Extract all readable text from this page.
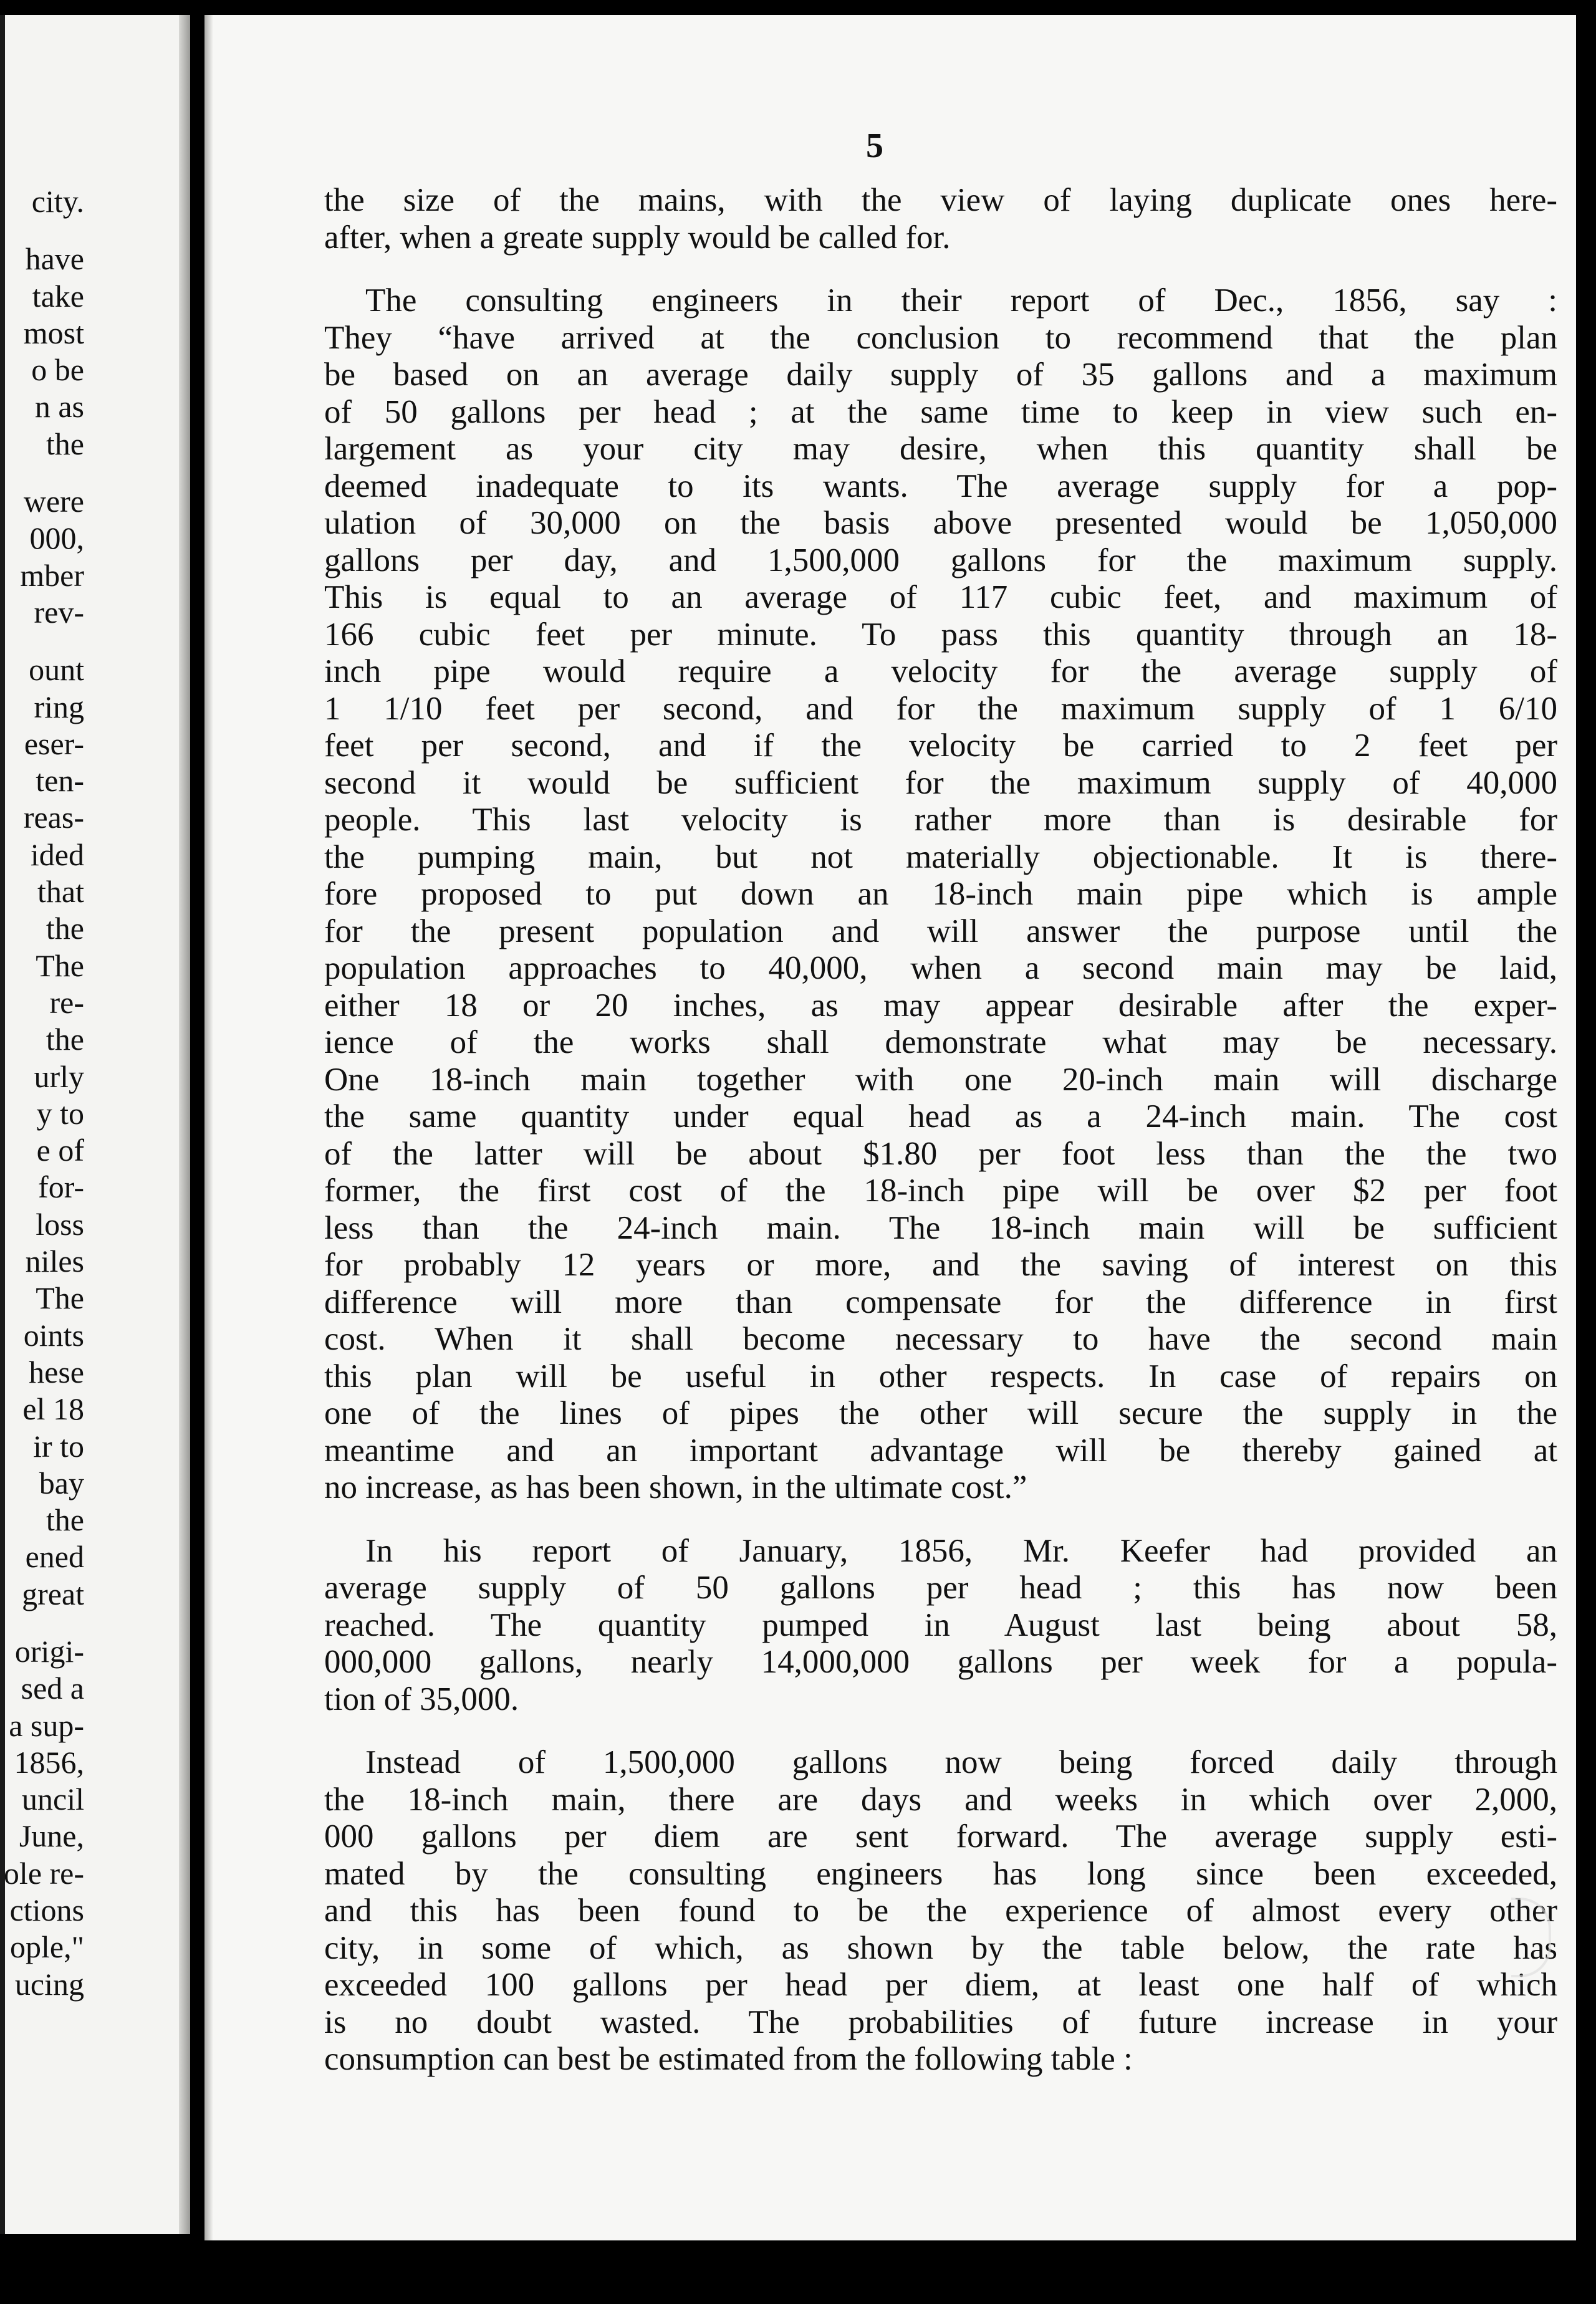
city.
have
take
most
o be
n as
the
were
000,
mber
rev-
ount
ring
eser-
ten-
reas-
ided
that
the
The
re-
the
urly
y to
e of
for-
loss
niles
The
oints
hese
el 18
ir to
bay
the
ened
great
origi-
sed a
a sup-
1856,
uncil
June,
ole re-
ctions
ople,"
ucing
5
the size of the mains, with the view of laying duplicate ones here-
after, when a greate supply would be called for.
The consulting engineers in their report of Dec., 1856, say :
They “have arrived at the conclusion to recommend that the plan
be based on an average daily supply of 35 gallons and a maximum
of 50 gallons per head ; at the same time to keep in view such en-
largement as your city may desire, when this quantity shall be
deemed inadequate to its wants. The average supply for a pop-
ulation of 30,000 on the basis above presented would be 1,050,000
gallons per day, and 1,500,000 gallons for the maximum supply.
This is equal to an average of 117 cubic feet, and maximum of
166 cubic feet per minute. To pass this quantity through an 18-
inch pipe would require a velocity for the average supply of
1 1/10 feet per second, and for the maximum supply of 1 6/10
feet per second, and if the velocity be carried to 2 feet per
second it would be sufficient for the maximum supply of 40,000
people. This last velocity is rather more than is desirable for
the pumping main, but not materially objectionable. It is there-
fore proposed to put down an 18-inch main pipe which is ample
for the present population and will answer the purpose until the
population approaches to 40,000, when a second main may be laid,
either 18 or 20 inches, as may appear desirable after the exper-
ience of the works shall demonstrate what may be necessary.
One 18-inch main together with one 20-inch main will discharge
the same quantity under equal head as a 24-inch main. The cost
of the latter will be about $1.80 per foot less than the the two
former, the first cost of the 18-inch pipe will be over $2 per foot
less than the 24-inch main. The 18-inch main will be sufficient
for probably 12 years or more, and the saving of interest on this
difference will more than compensate for the difference in first
cost. When it shall become necessary to have the second main
this plan will be useful in other respects. In case of repairs on
one of the lines of pipes the other will secure the supply in the
meantime and an important advantage will be thereby gained at
no increase, as has been shown, in the ultimate cost.”
In his report of January, 1856, Mr. Keefer had provided an
average supply of 50 gallons per head ; this has now been
reached. The quantity pumped in August last being about 58,
000,000 gallons, nearly 14,000,000 gallons per week for a popula-
tion of 35,000.
Instead of 1,500,000 gallons now being forced daily through
the 18-inch main, there are days and weeks in which over 2,000,
000 gallons per diem are sent forward. The average supply esti-
mated by the consulting engineers has long since been exceeded,
and this has been found to be the experience of almost every other
city, in some of which, as shown by the table below, the rate has
exceeded 100 gallons per head per diem, at least one half of which
is no doubt wasted. The probabilities of future increase in your
consumption can best be estimated from the following table :
